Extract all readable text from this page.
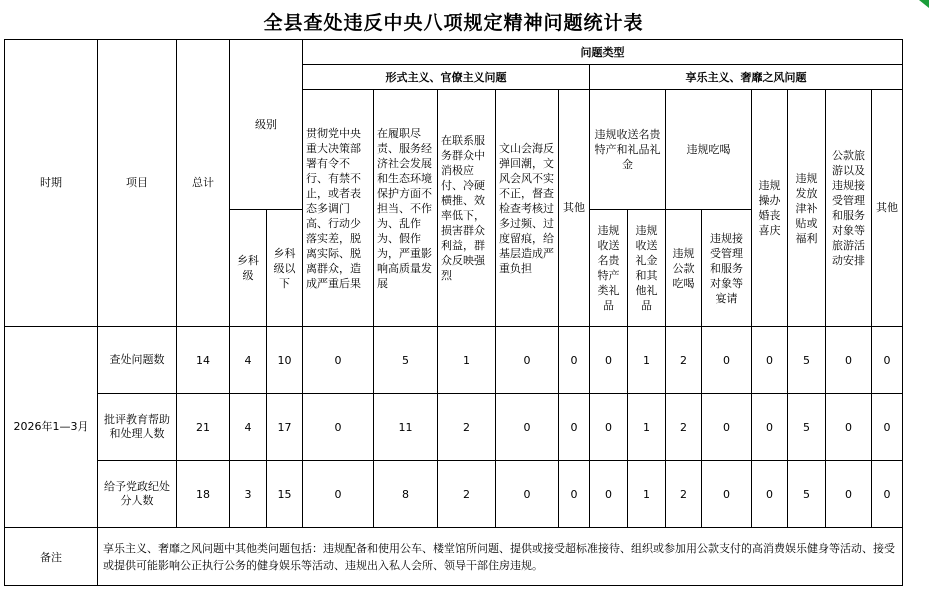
全县查处违反中央八项规定精神问题统计表																	
时期	项目	总计	级别		问题类型												
					形式主义、官僚主义问题					享乐主义、奢靡之风问题							
					贯彻党中央重大决策部署有令不行、有禁不止，或者表态多调门高、行动少落实差，脱离实际、脱离群众，造成严重后果	在履职尽责、服务经济社会发展和生态环境保护方面不担当、不作为、乱作为、假作为，严重影响高质量发展	在联系服务群众中消极应付、冷硬横推、效率低下，损害群众利益，群众反映强烈	文山会海反弹回潮，文风会风不实不正，督查检查考核过多过频、过度留痕，给基层造成严重负担	其他	违规收送名贵特产和礼品礼金		违规吃喝		违规操办婚丧喜庆	违规发放津补贴或福利	公款旅游以及违规接受管理和服务对象等旅游活动安排	其他
			乡科级	乡科级以下						违规收送名贵特产类礼品	违规收送礼金和其他礼品	违规公款吃喝	违规接受管理和服务对象等宴请				

2026年1—3月	查处问题数	14	4	10	0	5	1	0	0	0	1	2	0	0	5	0	0
	批评教育帮助和处理人数	21	4	17	0	11	2	0	0	0	1	2	0	0	5	0	0
	给予党政纪处分人数	18	3	15	0	8	2	0	0	0	1	2	0	0	5	0	0
备注	享乐主义、奢靡之风问题中其他类问题包括：违规配备和使用公车、楼堂馆所问题、提供或接受超标准接待、组织或参加用公款支付的高消费娱乐健身等活动、接受或提供可能影响公正执行公务的健身娱乐等活动、违规出入私人会所、领导干部住房违规。																
